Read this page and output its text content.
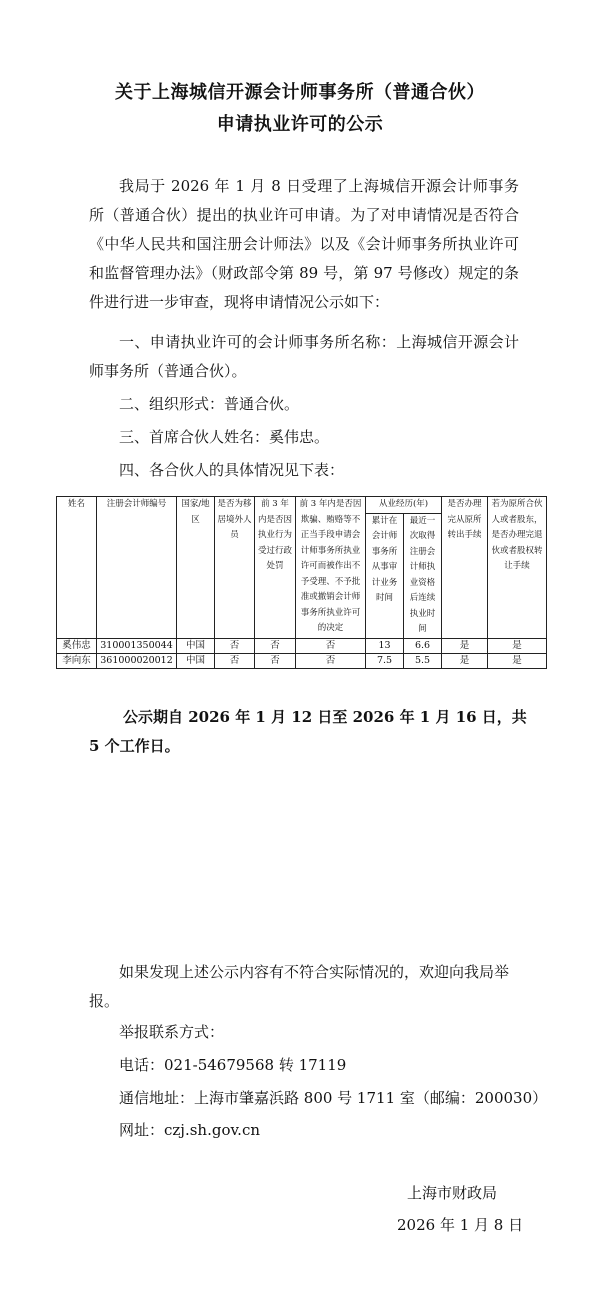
关于上海城信开源会计师事务所（普通合伙）
申请执业许可的公示

我局于 2026 年 1 月 8 日受理了上海城信开源会计师事务所（普通合伙）提出的执业许可申请。为了对申请情况是否符合《中华人民共和国注册会计师法》以及《会计师事务所执业许可和监督管理办法》（财政部令第 89 号，第 97 号修改）规定的条件进行进一步审查，现将申请情况公示如下：

一、申请执业许可的会计师事务所名称：上海城信开源会计师事务所（普通合伙）。

二、组织形式：普通合伙。
三、首席合伙人姓名：奚伟忠。
四、各合伙人的具体情况见下表：
姓名	注册会计师编号	国家/地区	是否为移居境外人员	前 3 年内是否因执业行为受过行政处罚	前 3 年内是否因欺骗、贿赂等不正当手段申请会计师事务所执业许可而被作出不予受理、不予批准或撤销会计师事务所执业许可的决定	从业经历(年)		是否办理完从原所转出手续	若为原所合伙人或者股东，是否办理完退伙或者股权转让手续
						累计在会计师事务所从事审计业务时间	最近一次取得注册会计师执业资格后连续执业时间		
奚伟忠	310001350044	中国	否	否	否	13	6.6	是	是
李向东	361000020012	中国	否	否	否	7.5	5.5	是	是

公示期自 2026 年 1 月 12 日至 2026 年 1 月 16 日，共 5 个工作日。

如果发现上述公示内容有不符合实际情况的，欢迎向我局举报。

举报联系方式：
电话：021-54679568 转 17119
通信地址：上海市肇嘉浜路 800 号 1711 室（邮编：200030）
网址：czj.sh.gov.cn
上海市财政局
2026 年 1 月 8 日
